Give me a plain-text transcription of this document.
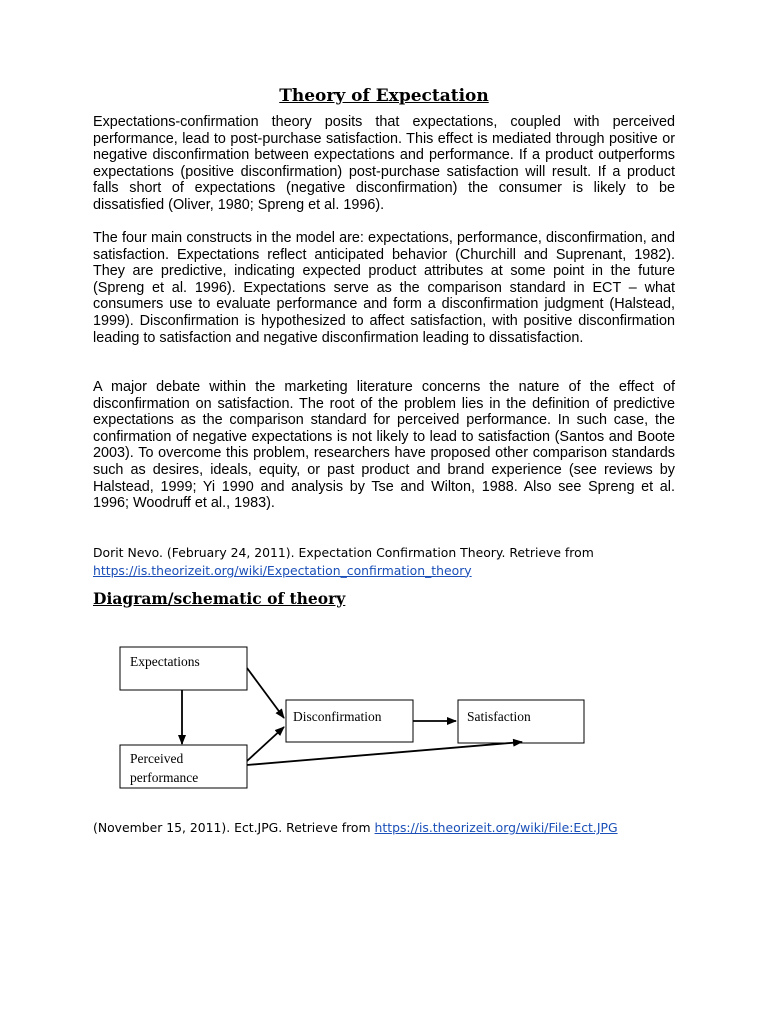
Theory of Expectation

Expectations-confirmation theory posits that expectations, coupled with perceived performance, lead to post-purchase satisfaction. This effect is mediated through positive or negative disconfirmation between expectations and performance. If a product outperforms expectations (positive disconfirmation) post-purchase satisfaction will result. If a product falls short of expectations (negative disconfirmation) the consumer is likely to be dissatisfied (Oliver, 1980; Spreng et al. 1996).

The four main constructs in the model are: expectations, performance, disconfirmation, and satisfaction. Expectations reflect anticipated behavior (Churchill and Suprenant, 1982). They are predictive, indicating expected product attributes at some point in the future (Spreng et al. 1996). Expectations serve as the comparison standard in ECT – what consumers use to evaluate performance and form a disconfirmation judgment (Halstead, 1999). Disconfirmation is hypothesized to affect satisfaction, with positive disconfirmation leading to satisfaction and negative disconfirmation leading to dissatisfaction.

A major debate within the marketing literature concerns the nature of the effect of disconfirmation on satisfaction. The root of the problem lies in the definition of predictive expectations as the comparison standard for perceived performance. In such case, the confirmation of negative expectations is not likely to lead to satisfaction (Santos and Boote 2003). To overcome this problem, researchers have proposed other comparison standards such as desires, ideals, equity, or past product and brand experience (see reviews by Halstead, 1999; Yi 1990 and analysis by Tse and Wilton, 1988. Also see Spreng et al. 1996; Woodruff et al., 1983).

Dorit Nevo. (February 24, 2011). Expectation Confirmation Theory. Retrieve from
https://is.theorizeit.org/wiki/Expectation_confirmation_theory
Diagram/schematic of theory
Expectations
Perceived
performance
Disconfirmation	Satisfaction
(November 15, 2011). Ect.JPG. Retrieve from https://is.theorizeit.org/wiki/File:Ect.JPG
